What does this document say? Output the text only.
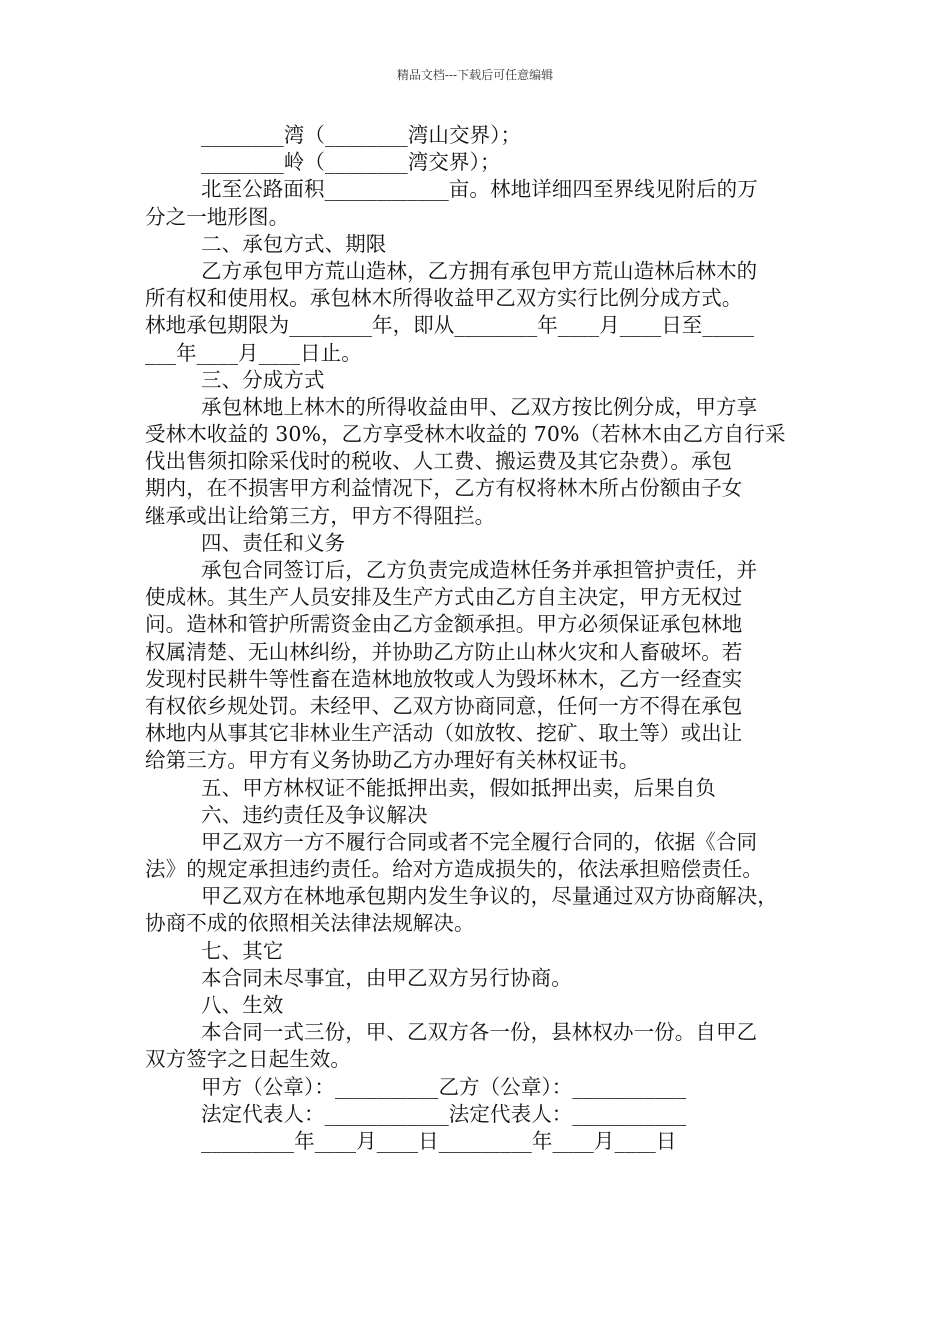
精品文档---下载后可任意编辑
________湾（________湾山交界）；
________岭（________湾交界）；
北至公路面积____________亩。林地详细四至界线见附后的万
分之一地形图。
二、承包方式、期限
乙方承包甲方荒山造林，乙方拥有承包甲方荒山造林后林木的
所有权和使用权。承包林木所得收益甲乙双方实行比例分成方式。
林地承包期限为________年，即从________年____月____日至_____
___年____月____日止。
三、分成方式
承包林地上林木的所得收益由甲、乙双方按比例分成，甲方享
受林木收益的 30%，乙方享受林木收益的 70%（若林木由乙方自行采
伐出售须扣除采伐时的税收、人工费、搬运费及其它杂费）。承包
期内，在不损害甲方利益情况下，乙方有权将林木所占份额由子女
继承或出让给第三方，甲方不得阻拦。
四、责任和义务
承包合同签订后，乙方负责完成造林任务并承担管护责任，并
使成林。其生产人员安排及生产方式由乙方自主决定，甲方无权过
问。造林和管护所需资金由乙方金额承担。甲方必须保证承包林地
权属清楚、无山林纠纷，并协助乙方防止山林火灾和人畜破坏。若
发现村民耕牛等性畜在造林地放牧或人为毁坏林木，乙方一经查实
有权依乡规处罚。未经甲、乙双方协商同意，任何一方不得在承包
林地内从事其它非林业生产活动（如放牧、挖矿、取土等）或出让
给第三方。甲方有义务协助乙方办理好有关林权证书。
五、甲方林权证不能抵押出卖，假如抵押出卖，后果自负
六、违约责任及争议解决
甲乙双方一方不履行合同或者不完全履行合同的，依据《合同
法》的规定承担违约责任。给对方造成损失的，依法承担赔偿责任。
甲乙双方在林地承包期内发生争议的，尽量通过双方协商解决，
协商不成的依照相关法律法规解决。
七、其它
本合同未尽事宜，由甲乙双方另行协商。
八、生效
本合同一式三份，甲、乙双方各一份，县林权办一份。自甲乙
双方签字之日起生效。
甲方（公章）：__________乙方（公章）：___________
法定代表人：____________法定代表人：___________
_________年____月____日_________年____月____日
